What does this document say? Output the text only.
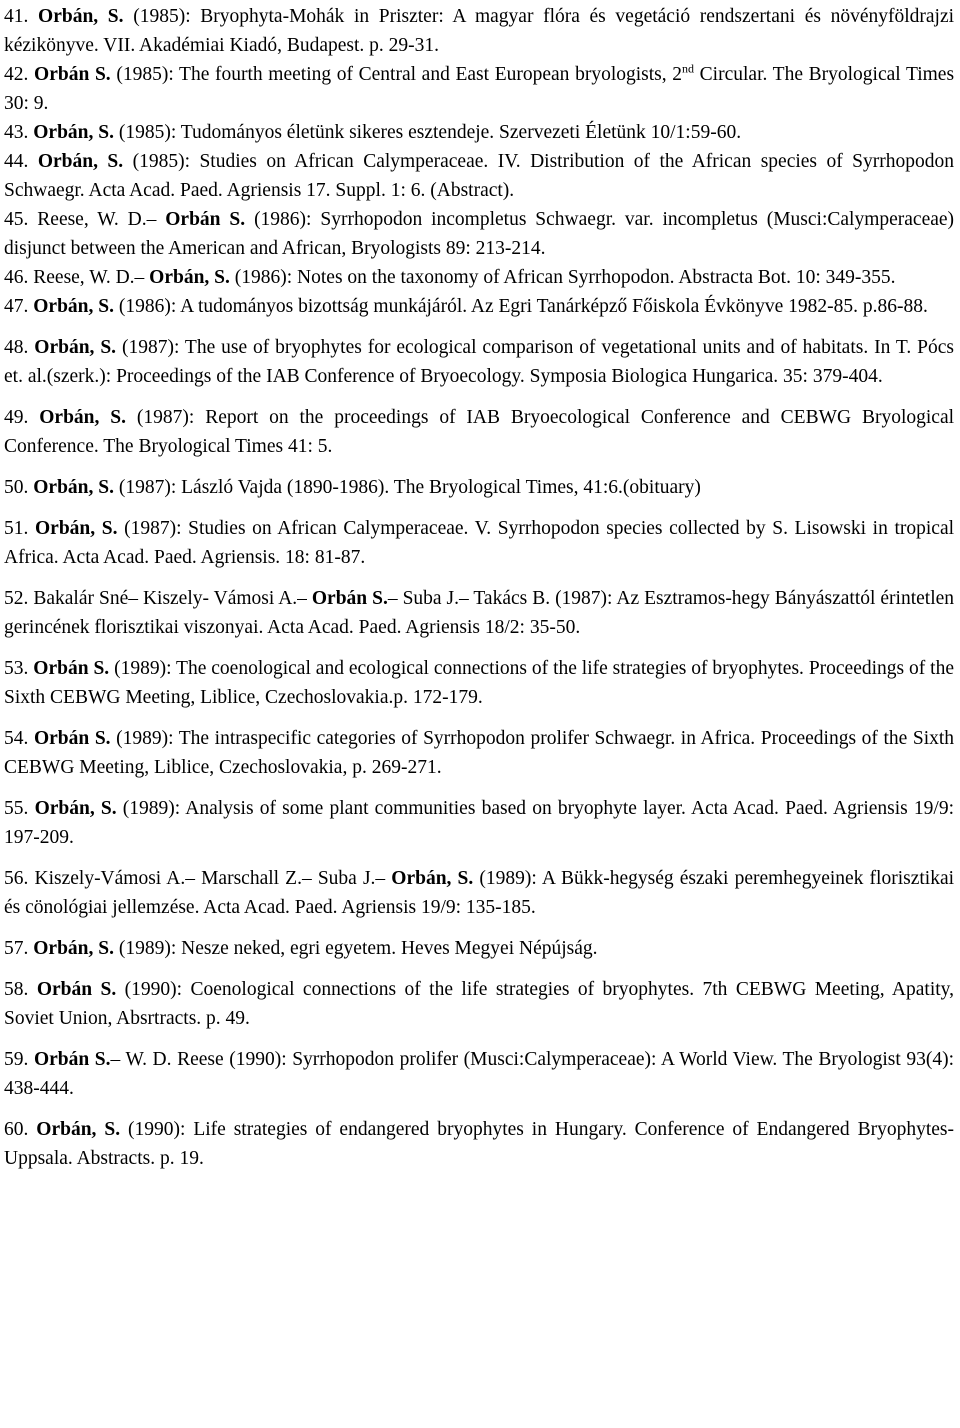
41. Orbán, S. (1985): Bryophyta-Mohák in Priszter: A magyar flóra és vegetáció rendszertani és növényföldrajzi kézikönyve. VII. Akadémiai Kiadó, Budapest. p. 29-31.

42. Orbán S. (1985): The fourth meeting of Central and East European bryologists, 2nd Circular. The Bryological Times 30: 9.

43. Orbán, S. (1985): Tudományos életünk sikeres esztendeje. Szervezeti Életünk 10/1:59-60.

44. Orbán, S. (1985): Studies on African Calymperaceae. IV. Distribution of the African species of Syrrhopodon Schwaegr. Acta Acad. Paed. Agriensis 17. Suppl. 1: 6. (Abstract).

45. Reese, W. D.– Orbán S. (1986): Syrrhopodon incompletus Schwaegr. var. incompletus (Musci:Calymperaceae) disjunct between the American and African, Bryologists 89: 213-214.

46. Reese, W. D.– Orbán, S. (1986): Notes on the taxonomy of African Syrrhopodon. Abstracta Bot. 10: 349-355.

47. Orbán, S. (1986): A tudományos bizottság munkájáról. Az Egri Tanárképző Főiskola Évkönyve 1982-85. p.86-88.

48. Orbán, S. (1987): The use of bryophytes for ecological comparison of vegetational units and of habitats. In T. Pócs et. al.(szerk.): Proceedings of the IAB Conference of Bryoecology. Symposia Biologica Hungarica. 35: 379-404.

49. Orbán, S. (1987): Report on the proceedings of IAB Bryoecological Conference and CEBWG Bryological Conference. The Bryological Times 41: 5.

50. Orbán, S. (1987): László Vajda (1890-1986). The Bryological Times, 41:6.(obituary)

51. Orbán, S. (1987): Studies on African Calymperaceae. V. Syrrhopodon species collected by S. Lisowski in tropical Africa. Acta Acad. Paed. Agriensis. 18: 81-87.

52. Bakalár Sné– Kiszely- Vámosi A.– Orbán S.– Suba J.– Takács B. (1987): Az Esztramos-hegy Bányászattól érintetlen gerincének florisztikai viszonyai. Acta Acad. Paed. Agriensis 18/2: 35-50.

53. Orbán S. (1989): The coenological and ecological connections of the life strategies of bryophytes. Proceedings of the Sixth CEBWG Meeting, Liblice, Czechoslovakia.p. 172-179.

54. Orbán S. (1989): The intraspecific categories of Syrrhopodon prolifer Schwaegr. in Africa. Proceedings of the Sixth CEBWG Meeting, Liblice, Czechoslovakia, p. 269-271.

55. Orbán, S. (1989): Analysis of some plant communities based on bryophyte layer. Acta Acad. Paed. Agriensis 19/9: 197-209.

56. Kiszely-Vámosi A.– Marschall Z.– Suba J.– Orbán, S. (1989): A Bükk-hegység északi peremhegyeinek florisztikai és cönológiai jellemzése. Acta Acad. Paed. Agriensis 19/9: 135-185.

57. Orbán, S. (1989): Nesze neked, egri egyetem. Heves Megyei Népújság.

58. Orbán S. (1990): Coenological connections of the life strategies of bryophytes. 7th CEBWG Meeting, Apatity, Soviet Union, Absrtracts. p. 49.

59. Orbán S.– W. D. Reese (1990): Syrrhopodon prolifer (Musci:Calymperaceae): A World View. The Bryologist 93(4): 438-444.

60. Orbán, S. (1990): Life strategies of endangered bryophytes in Hungary. Conference of Endangered Bryophytes- Uppsala. Abstracts. p. 19.
